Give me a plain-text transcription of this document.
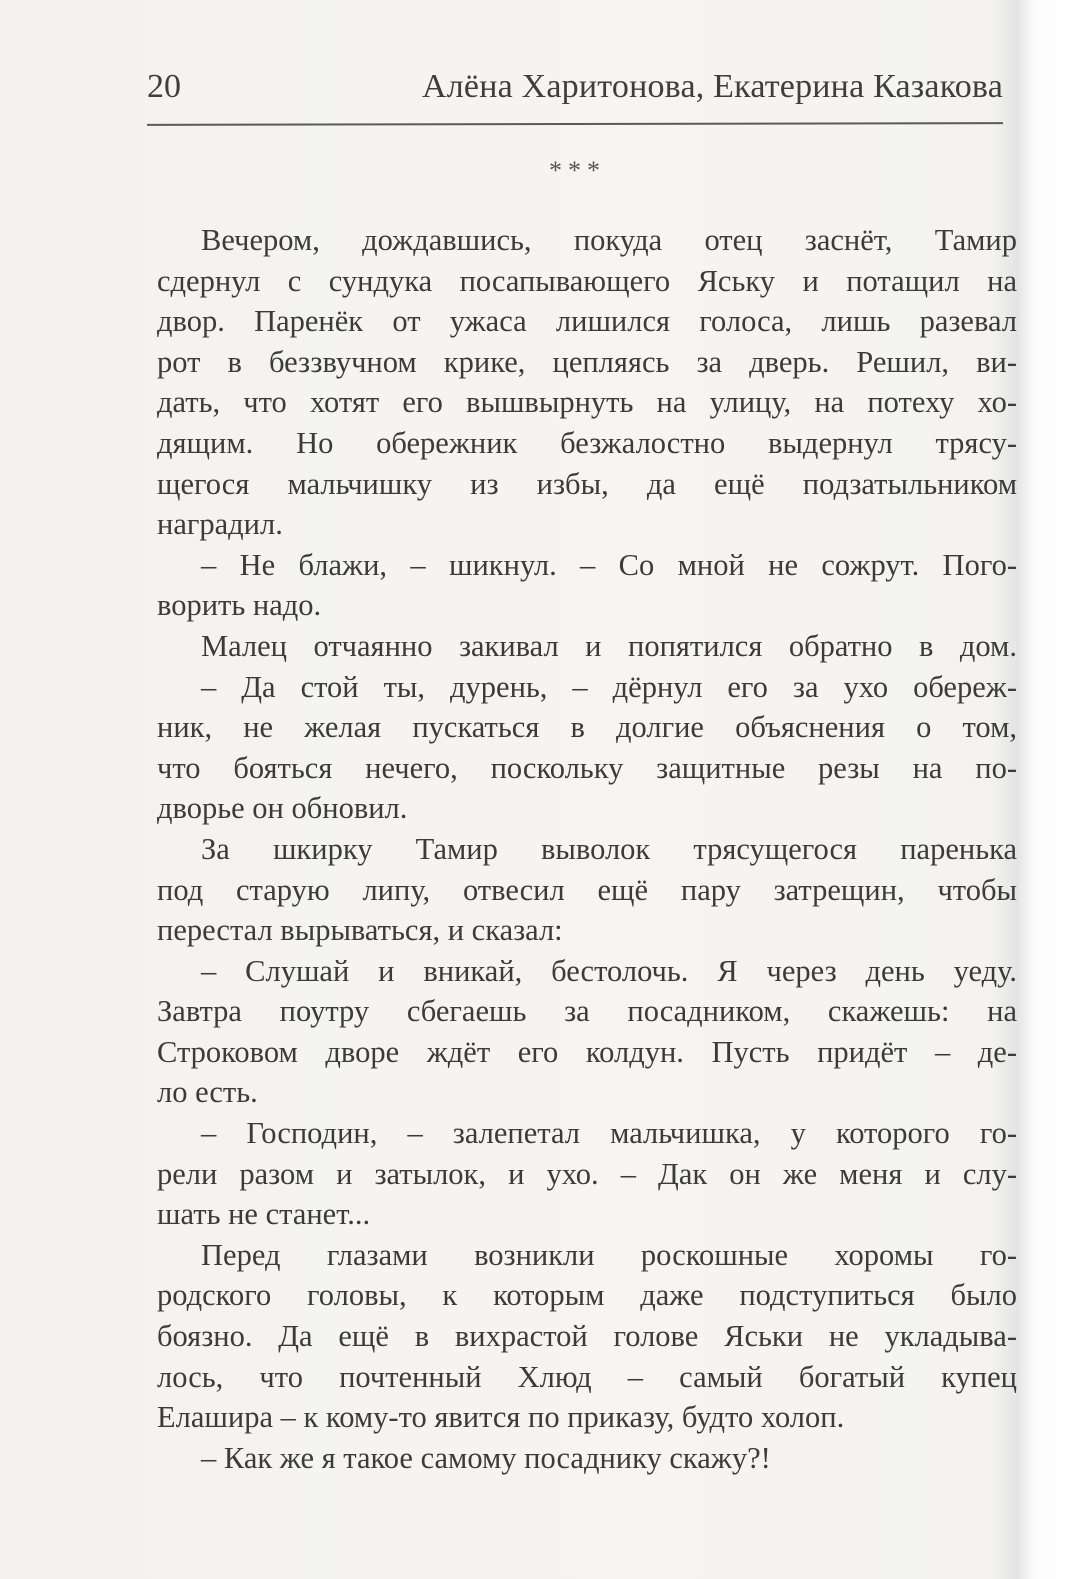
20	Алёна Харитонова, Екатерина Казакова
***
Вечером, дождавшись, покуда отец заснёт, Тамир
сдернул с сундука посапывающего Яську и потащил на
двор. Паренёк от ужаса лишился голоса, лишь разевал
рот в беззвучном крике, цепляясь за дверь. Решил, ви-
дать, что хотят его вышвырнуть на улицу, на потеху хо-
дящим. Но обережник безжалостно выдернул трясу-
щегося мальчишку из избы, да ещё подзатыльником
наградил.
– Не блажи, – шикнул. – Со мной не сожрут. Пого-
ворить надо.
Малец отчаянно закивал и попятился обратно в дом.
– Да стой ты, дурень, – дёрнул его за ухо обереж-
ник, не желая пускаться в долгие объяснения о том,
что бояться нечего, поскольку защитные резы на по-
дворье он обновил.
За шкирку Тамир выволок трясущегося паренька
под старую липу, отвесил ещё пару затрещин, чтобы
перестал вырываться, и сказал:
– Слушай и вникай, бестолочь. Я через день уеду.
Завтра поутру сбегаешь за посадником, скажешь: на
Строковом дворе ждёт его колдун. Пусть придёт – де-
ло есть.
– Господин, – залепетал мальчишка, у которого го-
рели разом и затылок, и ухо. – Дак он же меня и слу-
шать не станет...
Перед глазами возникли роскошные хоромы го-
родского головы, к которым даже подступиться было
боязно. Да ещё в вихрастой голове Яськи не укладыва-
лось, что почтенный Хлюд – самый богатый купец
Елашира – к кому-то явится по приказу, будто холоп.
– Как же я такое самому посаднику скажу?!
